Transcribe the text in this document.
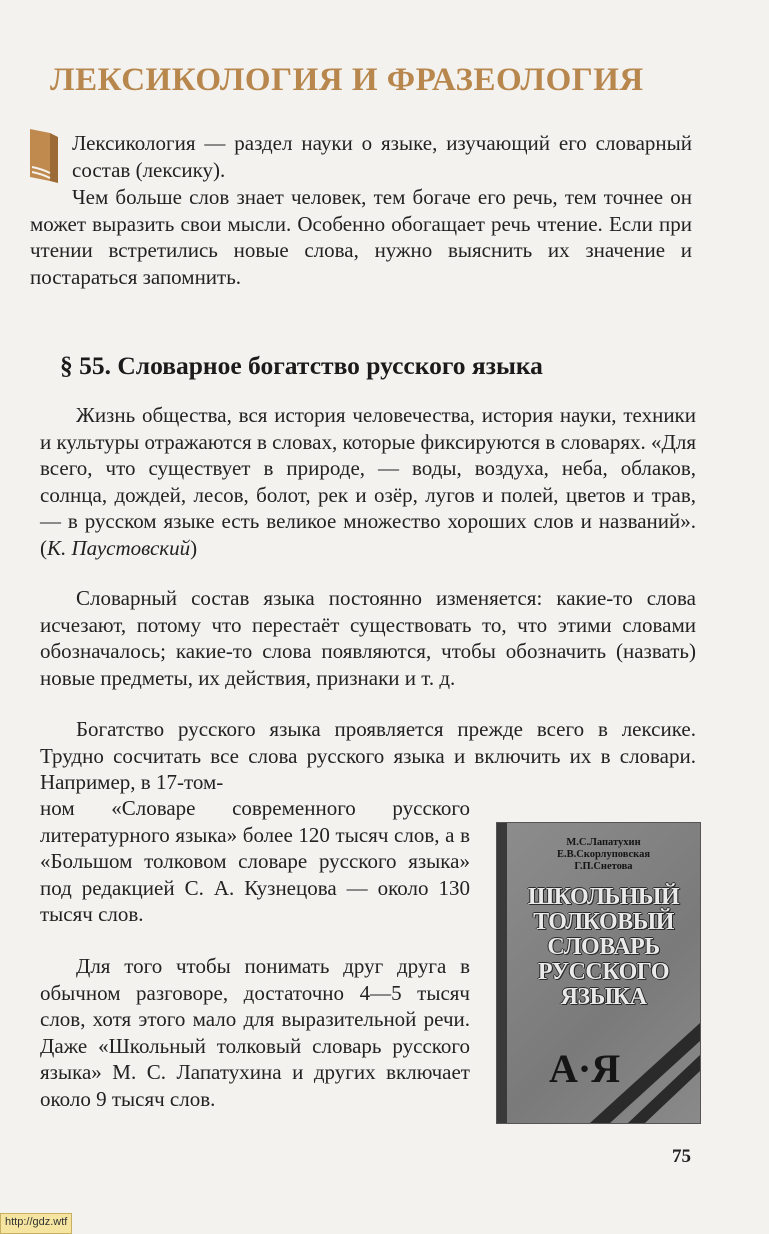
ЛЕКСИКОЛОГИЯ И ФРАЗЕОЛОГИЯ
Лексикология — раздел науки о языке, изучающий его словарный состав (лексику).
Чем больше слов знает человек, тем богаче его речь, тем точнее он может выразить свои мысли. Особенно обогащает речь чтение. Если при чтении встретились новые слова, нужно выяснить их значение и постараться запомнить.
§ 55. Словарное богатство русского языка
Жизнь общества, вся история человечества, история науки, техники и культуры отражаются в словах, которые фиксируются в словарях. «Для всего, что существует в природе, — воды, воздуха, неба, облаков, солнца, дождей, лесов, болот, рек и озёр, лугов и полей, цветов и трав, — в русском языке есть великое множество хороших слов и названий». (К. Паустовский)
Словарный состав языка постоянно изменяется: какие-то слова исчезают, потому что перестаёт существовать то, что этими словами обозначалось; какие-то слова появляются, чтобы обозначить (назвать) новые предметы, их действия, признаки и т. д.
Богатство русского языка проявляется прежде всего в лексике. Трудно сосчитать все слова русского языка и включить их в словари. Например, в 17-том-
ном «Словаре современного русского литературного языка» более 120 тысяч слов, а в «Большом толковом словаре русского языка» под редакцией С. А. Кузнецова — около 130 тысяч слов.
Для того чтобы понимать друг друга в обычном разговоре, достаточно 4—5 тысяч слов, хотя этого мало для выразительной речи. Даже «Школьный толковый словарь русского языка» М. С. Лапатухина и других включает около 9 тысяч слов.
М.С.Лапатухин
Е.В.Скорлуповская
Г.П.Снетова
ШКОЛЬНЫЙ
ТОЛКОВЫЙ
СЛОВАРЬ
РУССКОГО
ЯЗЫКА
А·Я
75
http://gdz.wtf
